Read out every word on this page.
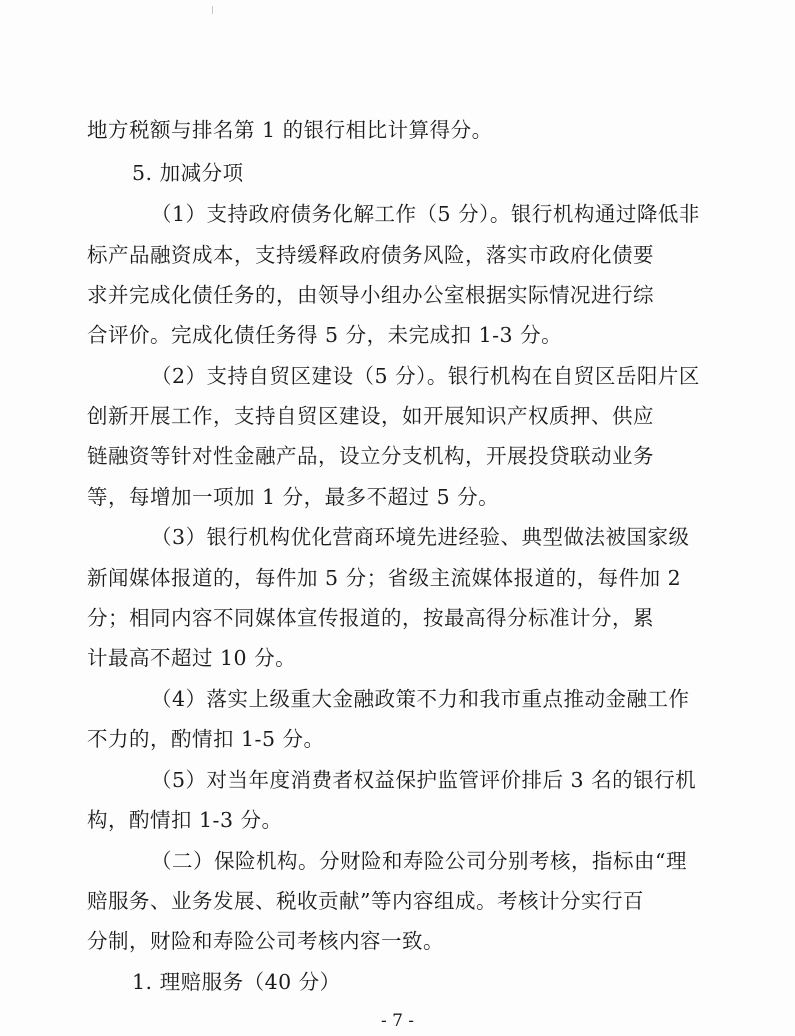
地方税额与排名第 1 的银行相比计算得分。
5. 加减分项
（1）支持政府债务化解工作（5 分）。银行机构通过降低非
标产品融资成本，支持缓释政府债务风险，落实市政府化债要
求并完成化债任务的，由领导小组办公室根据实际情况进行综
合评价。完成化债任务得 5 分，未完成扣 1-3 分。
（2）支持自贸区建设（5 分）。银行机构在自贸区岳阳片区
创新开展工作，支持自贸区建设，如开展知识产权质押、供应
链融资等针对性金融产品，设立分支机构，开展投贷联动业务
等，每增加一项加 1 分，最多不超过 5 分。
（3）银行机构优化营商环境先进经验、典型做法被国家级
新闻媒体报道的，每件加 5 分；省级主流媒体报道的，每件加 2
分；相同内容不同媒体宣传报道的，按最高得分标准计分，累
计最高不超过 10 分。
（4）落实上级重大金融政策不力和我市重点推动金融工作
不力的，酌情扣 1-5 分。
（5）对当年度消费者权益保护监管评价排后 3 名的银行机
构，酌情扣 1-3 分。
（二）保险机构。分财险和寿险公司分别考核，指标由“理
赔服务、业务发展、税收贡献”等内容组成。考核计分实行百
分制，财险和寿险公司考核内容一致。
1. 理赔服务（40 分）
- 7 -
